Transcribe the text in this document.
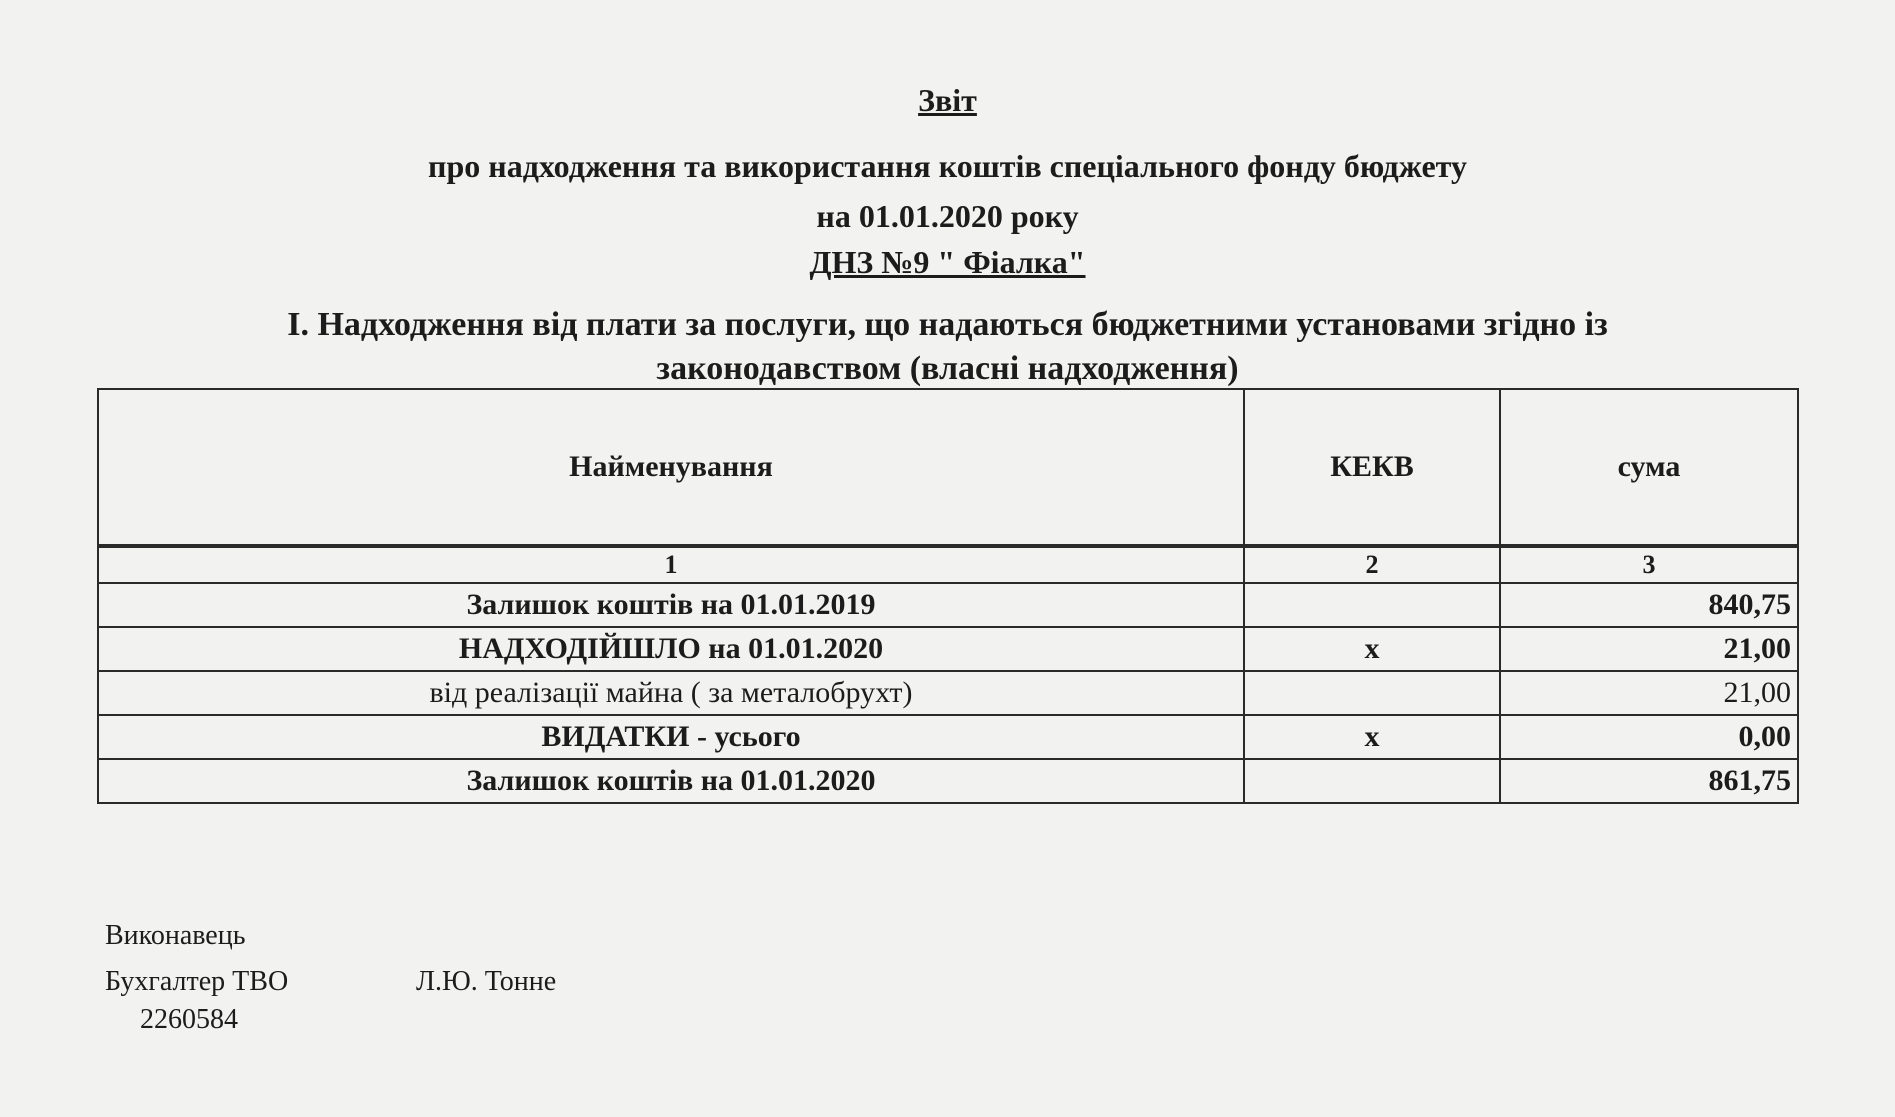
Звіт
про надходження та використання коштів спеціального фонду бюджету
на 01.01.2020 року
ДНЗ №9 " Фіалка"
І. Надходження від плати за послуги, що надаються бюджетними установами згідно із
законодавством (власні надходження)
Найменування	КЕКВ	сума
1	2	3
Залишок коштів на 01.01.2019		840,75
НАДХОДІЙШЛО на 01.01.2020	х	21,00
від реалізації майна ( за металобрухт)		21,00
ВИДАТКИ - усього	х	0,00
Залишок коштів на 01.01.2020		861,75
Виконавець
Бухгалтер ТВО	Л.Ю. Тонне
2260584
